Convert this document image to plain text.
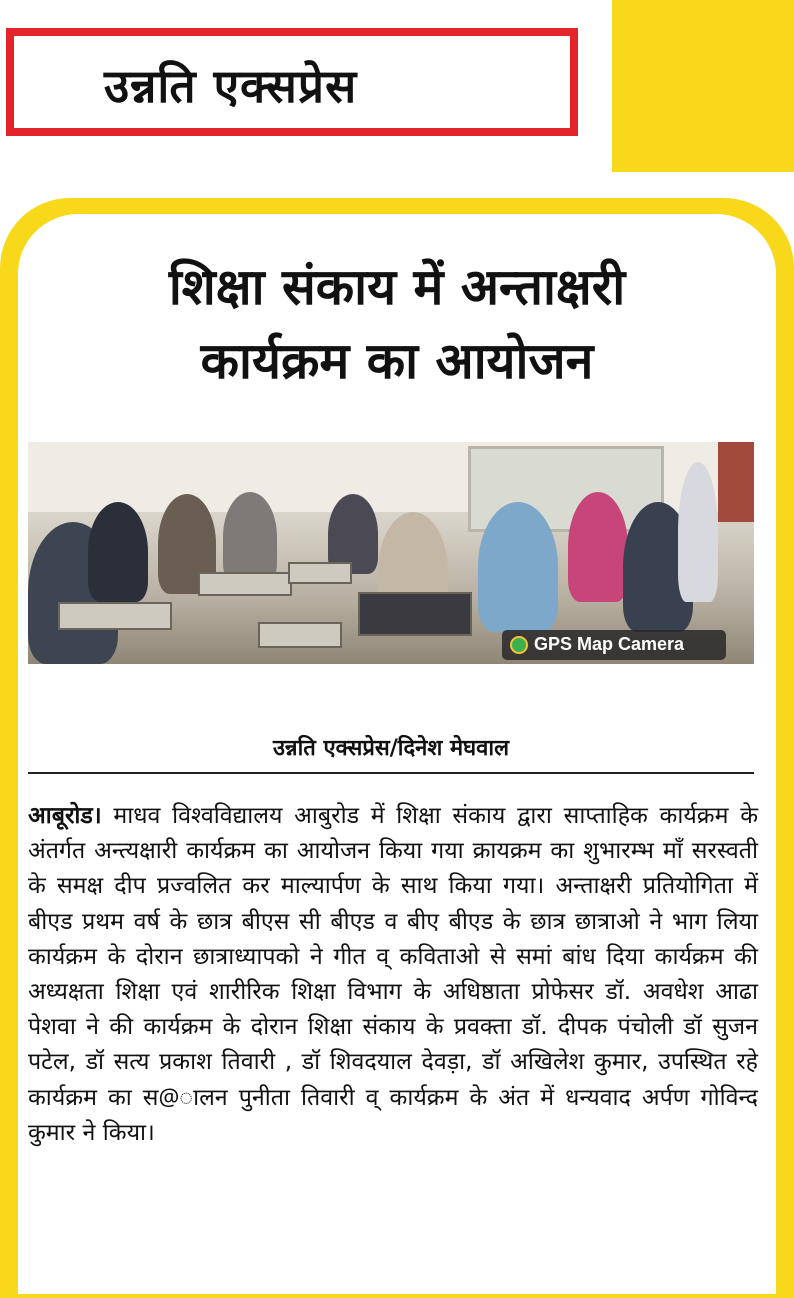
उन्नति एक्सप्रेस
शिक्षा संकाय में अन्ताक्षरी
कार्यक्रम का आयोजन
GPS Map Camera
उन्नति एक्सप्रेस/दिनेश मेघवाल
आबूरोड। माधव विश्वविद्यालय आबुरोड में शिक्षा संकाय द्वारा साप्ताहिक कार्यक्रम के अंतर्गत अन्त्यक्षारी कार्यक्रम का आयोजन किया गया क्रायक्रम का शुभारम्भ माँ सरस्वती के समक्ष दीप प्रज्वलित कर माल्यार्पण के साथ किया गया। अन्ताक्षरी प्रतियोगिता में बीएड प्रथम वर्ष के छात्र बीएस सी बीएड व बीए बीएड के छात्र छात्राओ ने भाग लिया कार्यक्रम के दोरान छात्राध्यापको ने गीत व् कविताओ से समां बांध दिया कार्यक्रम की अध्यक्षता शिक्षा एवं शारीरिक शिक्षा विभाग के अधिष्ठाता प्रोफेसर डॉ. अवधेश आढा पेशवा ने की कार्यक्रम के दोरान शिक्षा संकाय के प्रवक्ता डॉ. दीपक पंचोली डॉ सुजन पटेल, डॉ सत्य प्रकाश तिवारी , डॉ शिवदयाल देवड़ा, डॉ अखिलेश कुमार, उपस्थित रहे कार्यक्रम का स@ालन पुनीता तिवारी व् कार्यक्रम के अंत में धन्यवाद अर्पण गोविन्द कुमार ने किया।
